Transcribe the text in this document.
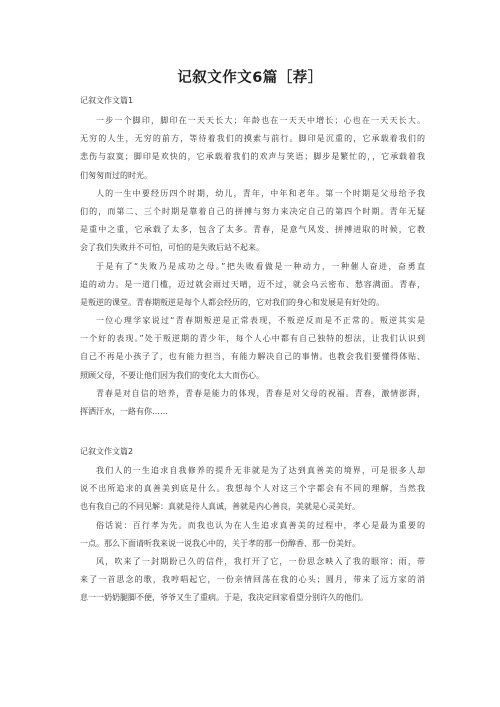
记叙文作文6篇［荐］
记叙文作文篇1
一步一个脚印，脚印在一天天长大；年龄也在一天天中增长；心也在一天天长大。
无穷的人生，无穷的前方，等待着我们的摸索与前行。脚印是沉重的，它承载着我们的
悲伤与寂寞；脚印是欢快的，它承载着我们的欢声与笑语；脚步是繁忙的，，它承载着我
们匆匆而过的时光。
人的一生中要经历四个时期，幼儿，青年，中年和老年。第一个时期是父母给予我
们的，而第二、三个时期是靠着自己的拼搏与努力来决定自己的第四个时期。青年无疑
是重中之重，它承载了太多，包含了太多。青春，是意气风发、拼搏进取的时候，它教
会了我们失败并不可怕，可怕的是失败后站不起来。
于是有了“失败乃是成功之母。”把失败看做是一种动力，一种催人奋进，奋勇直
追的动力。是一道门槛，迈过就会雨过天晴，迈不过，就会乌云密布、愁容满面。青春，
是叛逆的课堂。青春期叛逆是每个人都会经历的，它对我们的身心和发展是有好处的。
一位心理学家说过“青春期叛逆是正常表现，不叛逆反而是不正常的。叛逆其实是
一个好的表现。”处于叛逆期的青少年，每个人心中都有自己独特的想法，让我们认识到
自己不再是小孩子了，也有能力担当，有能力解决自己的事情。也教会我们要懂得体贴、
照顾父母，不要让他们因为我们的变化太大而伤心。
青春是对自信的培养，青春是能力的体现，青春是对父母的祝福。青春，激情澎湃，
挥洒汗水，一路有你……
记叙文作文篇2
我们人的一生追求自我修养的提升无非就是为了达到真善美的境界，可是很多人却
说不出所追求的真善美到底是什么。我想每个人对这三个字都会有不同的理解，当然我
也有我自己的不同见解：真就是待人真诚，善就是内心善良，美就是心灵美好。
俗话说：百行孝为先。而我也认为在人生追求真善美的过程中，孝心是最为重要的
一点。那么下面请听我来说一说我心中的，关于孝的那一份醇香、那一份美好。
风，吹来了一封期盼已久的信件，我打开了它，一份思念映入了我的眼帘；雨，带
来了一首思念的歌，我哼唱起它，一份亲情回荡在我的心头；圆月，带来了远方家的消
息一一奶奶腿脚不便，爷爷又生了重病。于是，我决定回家看望分别许久的他们。
